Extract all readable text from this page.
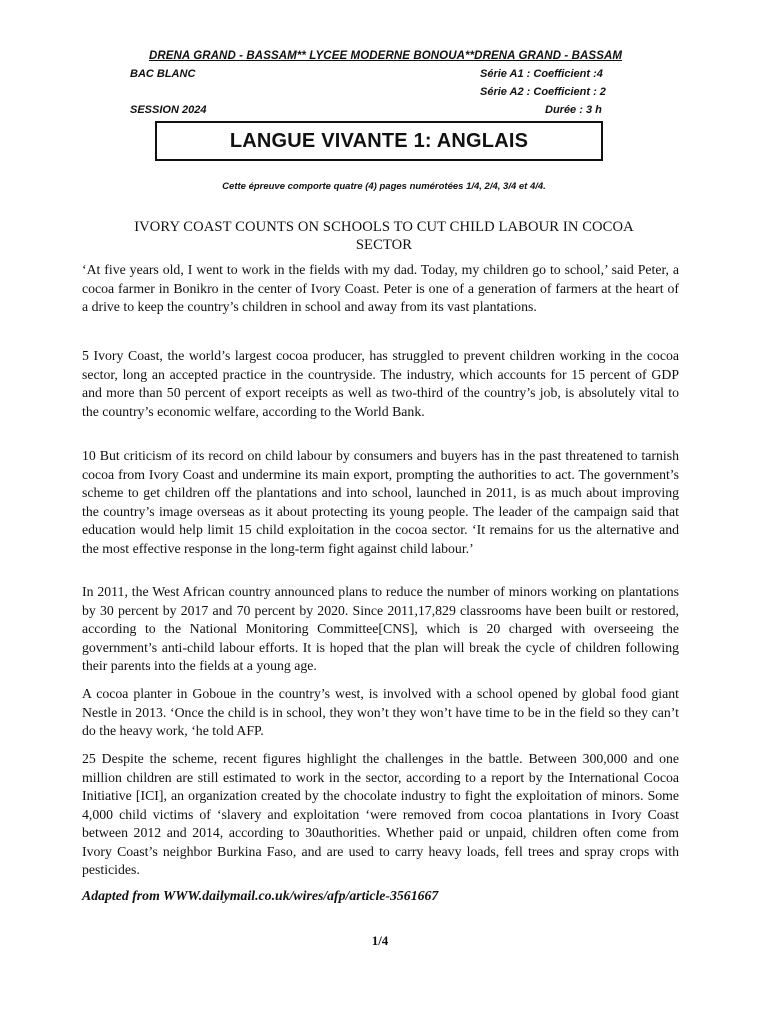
DRENA GRAND - BASSAM** LYCEE MODERNE BONOUA**DRENA GRAND - BASSAM
BAC BLANC	Série A1 : Coefficient :4
Série A2 : Coefficient : 2
SESSION 2024	Durée : 3 h
LANGUE VIVANTE 1: ANGLAIS
Cette épreuve comporte quatre (4) pages numérotées 1/4, 2/4, 3/4 et 4/4.
IVORY COAST COUNTS ON SCHOOLS TO CUT CHILD LABOUR IN COCOA
SECTOR

‘At five years old, I went to work in the fields with my dad. Today, my children go to school,’ said Peter, a cocoa farmer in Bonikro in the center of Ivory Coast. Peter is one of a generation of farmers at the heart of a drive to keep the country’s children in school and away from its vast plantations.

5 Ivory Coast, the world’s largest cocoa producer, has struggled to prevent children working in the cocoa sector, long an accepted practice in the countryside. The industry, which accounts for 15 percent of GDP and more than 50 percent of export receipts as well as two-third of the country’s job, is absolutely vital to the country’s economic welfare, according to the World Bank.

10 But criticism of its record on child labour by consumers and buyers has in the past threatened to tarnish cocoa from Ivory Coast and undermine its main export, prompting the authorities to act. The government’s scheme to get children off the plantations and into school, launched in 2011, is as much about improving the country’s image overseas as it about protecting its young people. The leader of the campaign said that education would help limit 15 child exploitation in the cocoa sector. ‘It remains for us the alternative and the most effective response in the long-term fight against child labour.’

In 2011, the West African country announced plans to reduce the number of minors working on plantations by 30 percent by 2017 and 70 percent by 2020. Since 2011,17,829 classrooms have been built or restored, according to the National Monitoring Committee[CNS], which is 20 charged with overseeing the government’s anti-child labour efforts. It is hoped that the plan will break the cycle of children following their parents into the fields at a young age.

A cocoa planter in Goboue in the country’s west, is involved with a school opened by global food giant Nestle in 2013. ‘Once the child is in school, they won’t they won’t have time to be in the field so they can’t do the heavy work, ‘he told AFP.

25 Despite the scheme, recent figures highlight the challenges in the battle. Between 300,000 and one million children are still estimated to work in the sector, according to a report by the International Cocoa Initiative [ICI], an organization created by the chocolate industry to fight the exploitation of minors. Some 4,000 child victims of ‘slavery and exploitation ‘were removed from cocoa plantations in Ivory Coast between 2012 and 2014, according to 30authorities. Whether paid or unpaid, children often come from Ivory Coast’s neighbor Burkina Faso, and are used to carry heavy loads, fell trees and spray crops with pesticides.

Adapted from WWW.dailymail.co.uk/wires/afp/article-3561667
1/4
